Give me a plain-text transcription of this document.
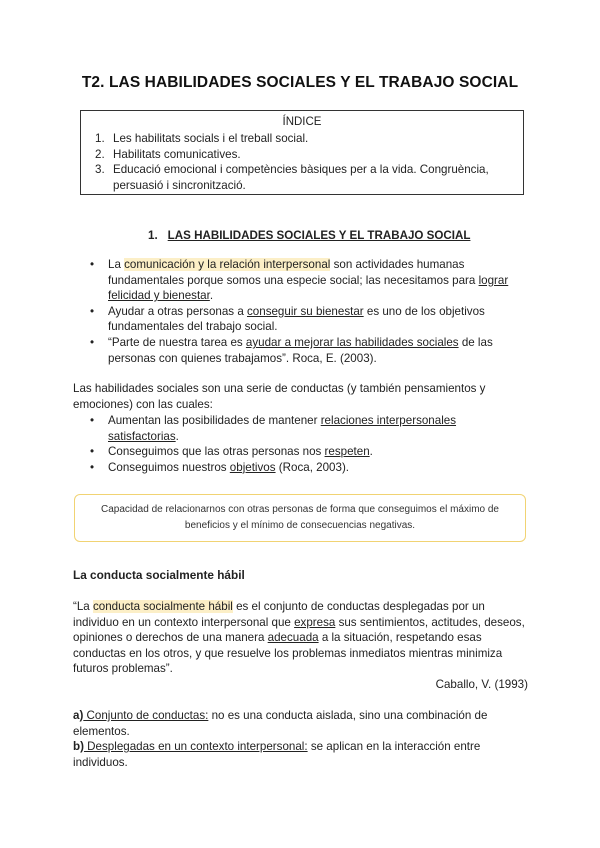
T2. LAS HABILIDADES SOCIALES Y EL TRABAJO SOCIAL
ÍNDICE
1. Les habilitats socials i el treball social.
2. Habilitats comunicatives.
3. Educació emocional i competències bàsiques per a la vida. Congruència, persuasió i sincronització.
1. LAS HABILIDADES SOCIALES Y EL TRABAJO SOCIAL
• La comunicación y la relación interpersonal son actividades humanas fundamentales porque somos una especie social; las necesitamos para lograr felicidad y bienestar.
• Ayudar a otras personas a conseguir su bienestar es uno de los objetivos fundamentales del trabajo social.
• “Parte de nuestra tarea es ayudar a mejorar las habilidades sociales de las personas con quienes trabajamos”. Roca, E. (2003).
Las habilidades sociales son una serie de conductas (y también pensamientos y emociones) con las cuales:
• Aumentan las posibilidades de mantener relaciones interpersonales satisfactorias.
• Conseguimos que las otras personas nos respeten.
• Conseguimos nuestros objetivos (Roca, 2003).
Capacidad de relacionarnos con otras personas de forma que conseguimos el máximo de beneficios y el mínimo de consecuencias negativas.
La conducta socialmente hábil
“La conducta socialmente hábil es el conjunto de conductas desplegadas por un individuo en un contexto interpersonal que expresa sus sentimientos, actitudes, deseos, opiniones o derechos de una manera adecuada a la situación, respetando esas conductas en los otros, y que resuelve los problemas inmediatos mientras minimiza futuros problemas”.
Caballo, V. (1993)
a) Conjunto de conductas: no es una conducta aislada, sino una combinación de elementos.
b) Desplegadas en un contexto interpersonal: se aplican en la interacción entre individuos.
